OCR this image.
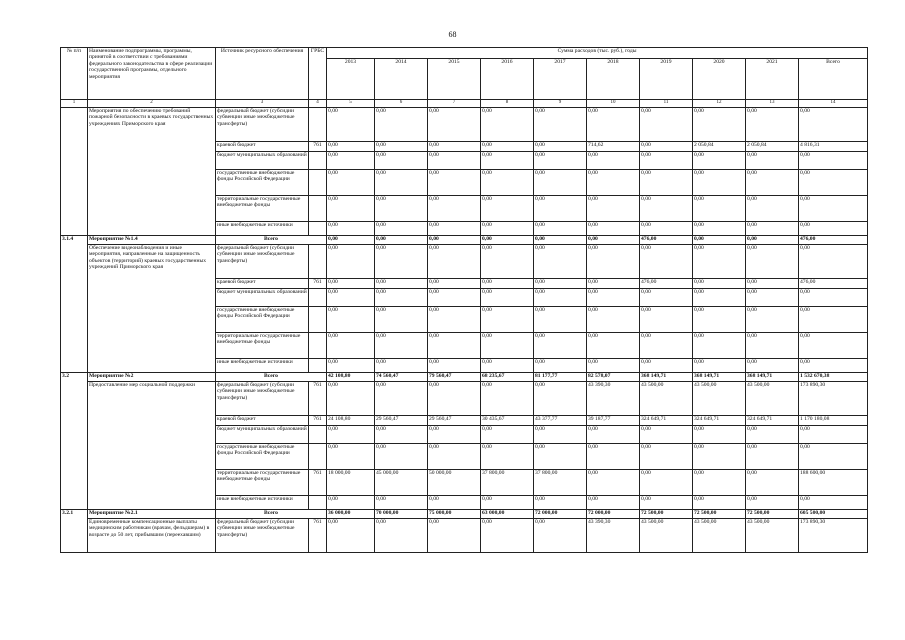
68
№ п/п	Наименование подпрограммы, программы, принятой в соответствии с требованиями федерального законодательства в сфере реализации государственной программы, отдельного мероприятия	Источник ресурсного обеспечения	ГРБС	Сумма расходов (тыс. руб.), годы									
				2013	2014	2015	2016	2017	2018	2019	2020	2021	Всего
1	2	3	4	5	6	7	8	9	10	11	12	13	14
	Мероприятия по обеспечению требований пожарной безопасности в краевых государственных учреждениях Приморского края	федеральный бюджет (субсидии субвенции иные межбюджетные трансферты)		0,00	0,00	0,00	0,00	0,00	0,00	0,00	0,00	0,00	0,00
		краевой бюджет	761	0,00	0,00	0,00	0,00	0,00	714,62	0,00	2 050,84	2 050,84	4 816,31
		бюджет муниципальных образований		0,00	0,00	0,00	0,00	0,00	0,00	0,00	0,00	0,00	0,00
		государственные внебюджетные фонды Российской Федерации		0,00	0,00	0,00	0,00	0,00	0,00	0,00	0,00	0,00	0,00
		территориальные государственные внебюджетные фонды		0,00	0,00	0,00	0,00	0,00	0,00	0,00	0,00	0,00	0,00
		иные внебюджетные источники		0,00	0,00	0,00	0,00	0,00	0,00	0,00	0,00	0,00	0,00
3.1.4	Мероприятие №1.4	Всего		0,00	0,00	0,00	0,00	0,00	0,00	476,00	0,00	0,00	476,00
	Обеспечение видеонаблюдения и иные мероприятия, направленные на защищенность объектов (территорий) краевых государственных учреждений Приморского края	федеральный бюджет (субсидии субвенции иные межбюджетные трансферты)		0,00	0,00	0,00	0,00	0,00	0,00	0,00	0,00	0,00	0,00
		краевой бюджет	761	0,00	0,00	0,00	0,00	0,00	0,00	476,00	0,00	0,00	476,00
		бюджет муниципальных образований		0,00	0,00	0,00	0,00	0,00	0,00	0,00	0,00	0,00	0,00
		государственные внебюджетные фонды Российской Федерации		0,00	0,00	0,00	0,00	0,00	0,00	0,00	0,00	0,00	0,00
		территориальные государственные внебюджетные фонды		0,00	0,00	0,00	0,00	0,00	0,00	0,00	0,00	0,00	0,00
		иные внебюджетные источники		0,00	0,00	0,00	0,00	0,00	0,00	0,00	0,00	0,00	0,00
3.2	Мероприятие №2	Всего		42 108,80	74 560,47	79 560,47	68 235,67	81 177,77	82 578,07	368 149,71	368 149,71	368 149,71	1 532 670,38
	Предоставление мер социальной поддержки	федеральный бюджет (субсидии субвенции иные межбюджетные трансферты)	761	0,00	0,00	0,00	0,00	0,00	43 390,30	43 500,00	43 500,00	43 500,00	173 890,30
		краевой бюджет	761	24 108,80	29 560,47	29 560,47	30 435,67	43 377,77	39 187,77	324 649,71	324 649,71	324 649,71	1 170 180,08
		бюджет муниципальных образований		0,00	0,00	0,00	0,00	0,00	0,00	0,00	0,00	0,00	0,00
		государственные внебюджетные фонды Российской Федерации		0,00	0,00	0,00	0,00	0,00	0,00	0,00	0,00	0,00	0,00
		территориальные государственные внебюджетные фонды	761	18 000,00	45 000,00	50 000,00	37 800,00	37 800,00	0,00	0,00	0,00	0,00	188 600,00
		иные внебюджетные источники		0,00	0,00	0,00	0,00	0,00	0,00	0,00	0,00	0,00	0,00
3.2.1	Мероприятие №2.1	Всего		36 000,00	70 000,00	75 000,00	63 000,00	72 000,00	72 000,00	72 500,00	72 500,00	72 500,00	605 500,00
	Единовременные компенсационные выплаты медицинским работникам (врачам, фельдшерам) в возрасте до 50 лет, прибывшим (переехавшим)	федеральный бюджет (субсидии субвенции иные межбюджетные трансферты)	761	0,00	0,00	0,00	0,00	0,00	43 390,30	43 500,00	43 500,00	43 500,00	173 890,30
